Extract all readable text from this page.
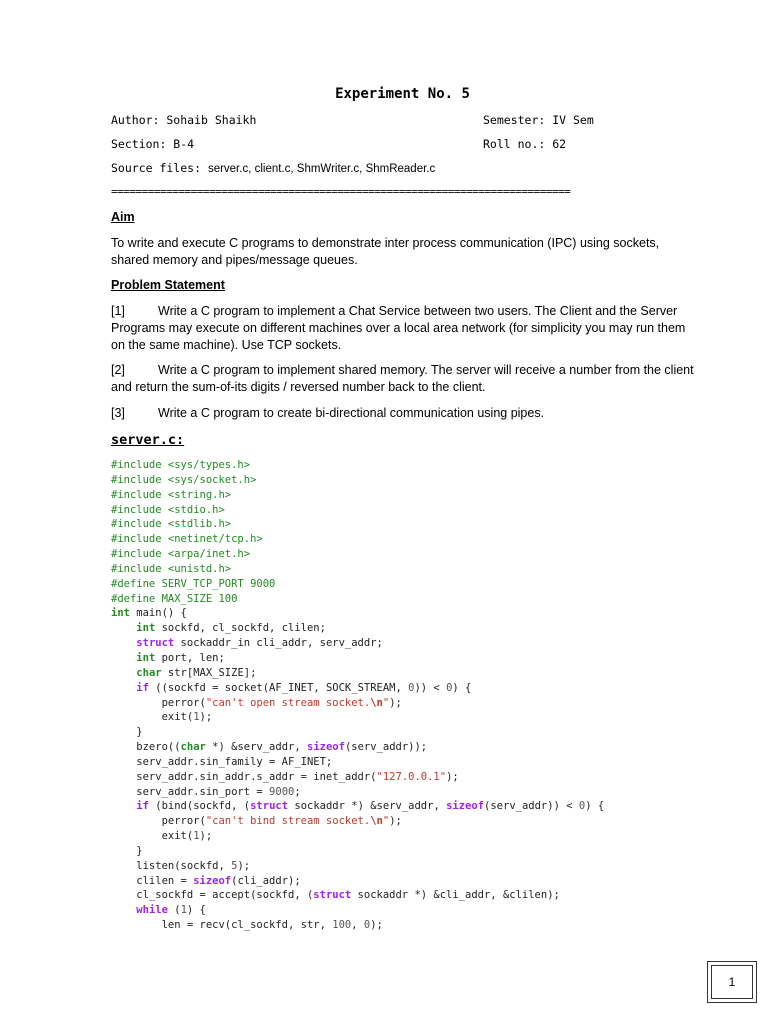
Experiment No. 5
Author: Sohaib Shaikh	Semester: IV Sem
Section: B-4	Roll no.: 62
Source files: server.c, client.c, ShmWriter.c, ShmReader.c
===========================================================================
Aim
To write and execute C programs to demonstrate inter process communication (IPC) using sockets, shared memory and pipes/message queues.
Problem Statement
[1]	Write a C program to implement a Chat Service between two users. The Client and the Server Programs may execute on different machines over a local area network (for simplicity you may run them on the same machine). Use TCP sockets.
[2]	Write a C program to implement shared memory. The server will receive a number from the client and return the sum-of-its digits / reversed number back to the client.
[3]	Write a C program to create bi-directional communication using pipes.
server.c:
#include <sys/types.h>
#include <sys/socket.h>
#include <string.h>
#include <stdio.h>
#include <stdlib.h>
#include <netinet/tcp.h>
#include <arpa/inet.h>
#include <unistd.h>
#define SERV_TCP_PORT 9000
#define MAX_SIZE 100
int main() {
int sockfd, cl_sockfd, clilen;
struct sockaddr_in cli_addr, serv_addr;
int port, len;
char str[MAX_SIZE];
if ((sockfd = socket(AF_INET, SOCK_STREAM, 0)) < 0) {
perror("can't open stream socket.\n");
exit(1);
}
bzero((char *) &serv_addr, sizeof(serv_addr));
serv_addr.sin_family = AF_INET;
serv_addr.sin_addr.s_addr = inet_addr("127.0.0.1");
serv_addr.sin_port = 9000;
if (bind(sockfd, (struct sockaddr *) &serv_addr, sizeof(serv_addr)) < 0) {
perror("can't bind stream socket.\n");
exit(1);
}
listen(sockfd, 5);
clilen = sizeof(cli_addr);
cl_sockfd = accept(sockfd, (struct sockaddr *) &cli_addr, &clilen);
while (1) {
len = recv(cl_sockfd, str, 100, 0);
1
